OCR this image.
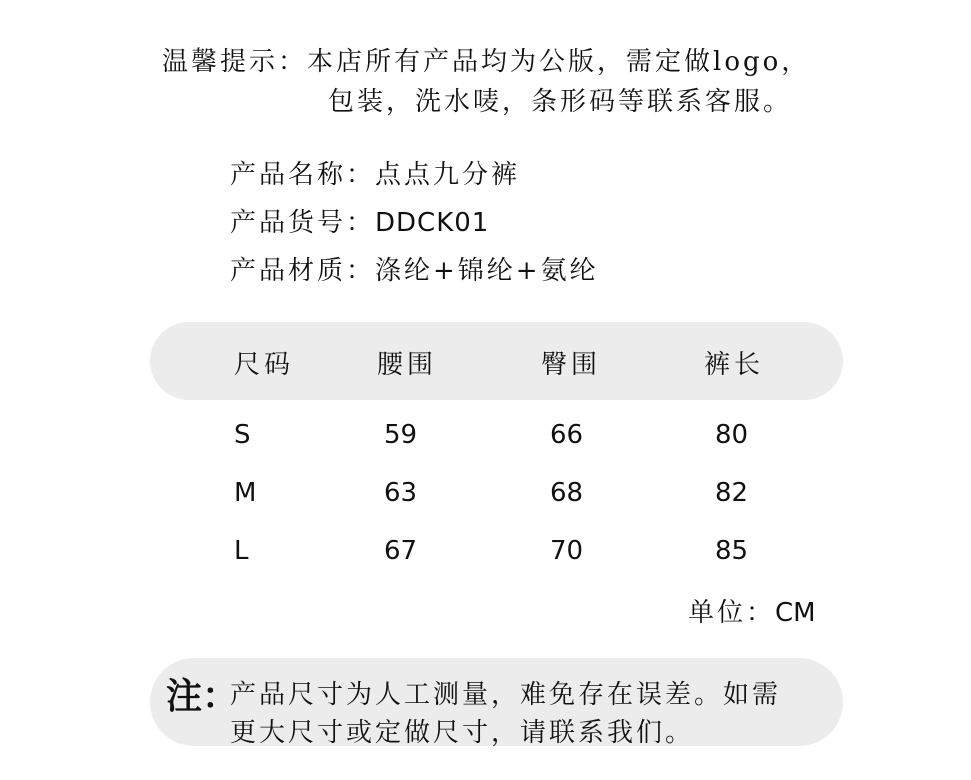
温馨提示：本店所有产品均为公版，需定做logo，
包装，洗水唛，条形码等联系客服。
产品名称：点点九分裤
产品货号：DDCK01
产品材质：涤纶+锦纶+氨纶
尺码	腰围	臀围	裤长
S	59	66	80
M	63	68	82
L	67	70	85
单位：CM
注：
产品尺寸为人工测量，难免存在误差。如需
更大尺寸或定做尺寸，请联系我们。
